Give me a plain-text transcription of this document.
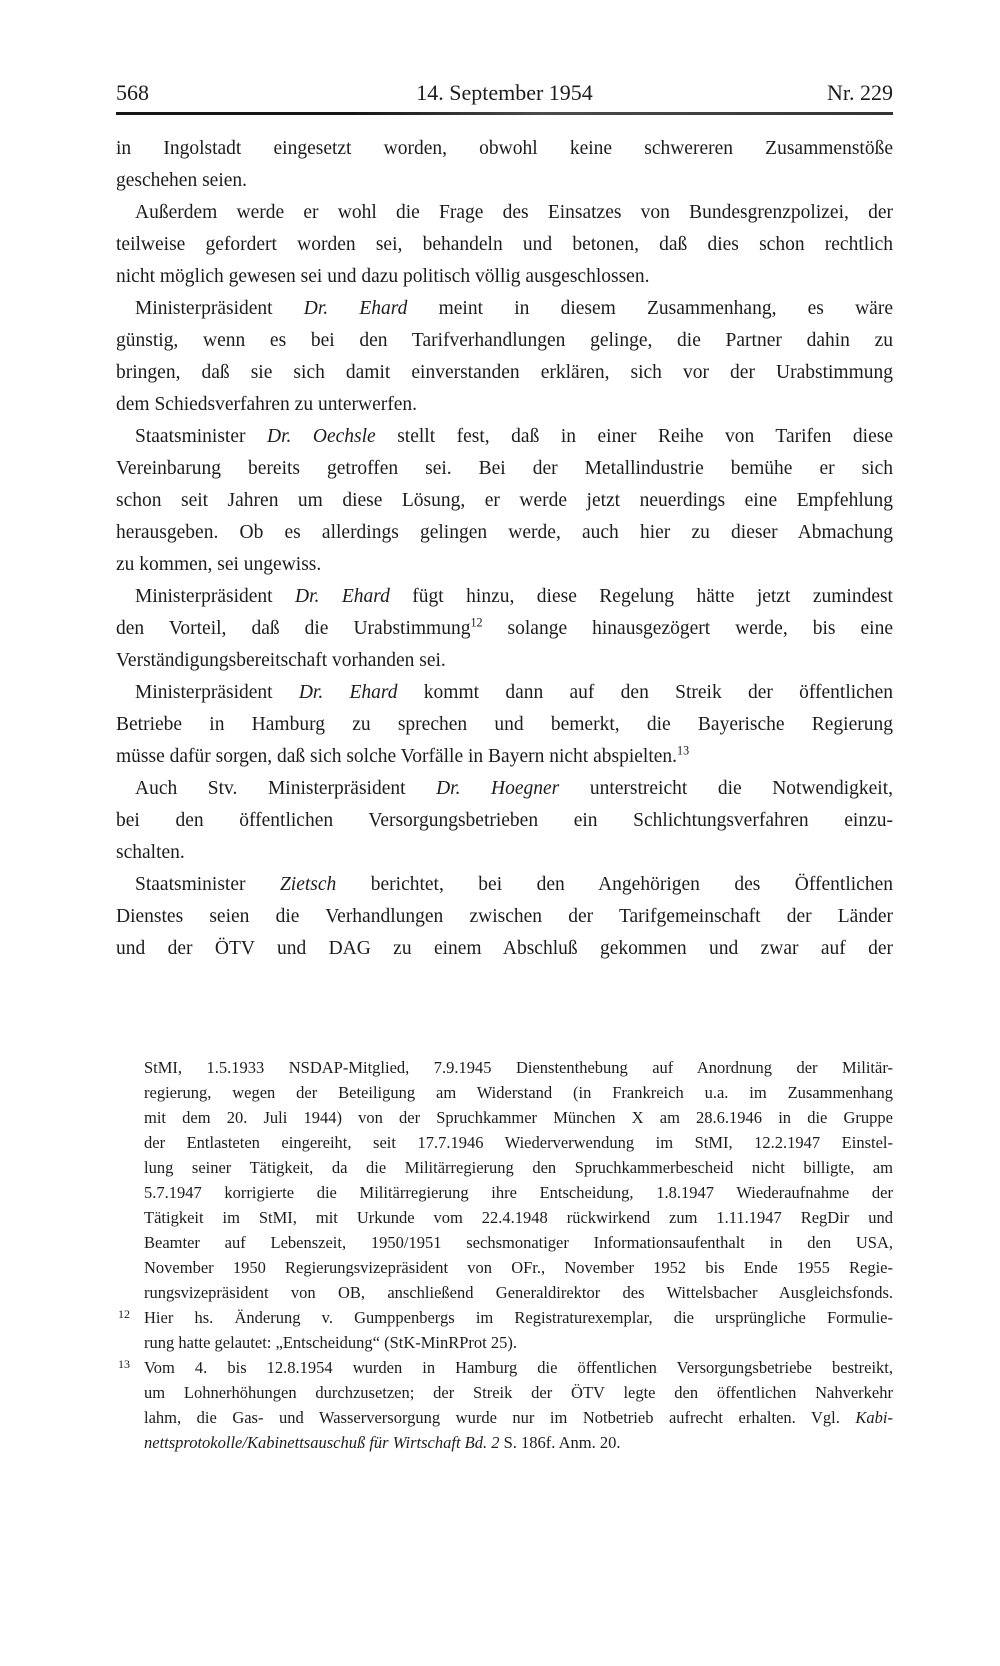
568	14. September 1954	Nr. 229
in Ingolstadt eingesetzt worden, obwohl keine schwereren Zusammenstöße
geschehen seien.
Außerdem werde er wohl die Frage des Einsatzes von Bundesgrenzpolizei, der
teilweise gefordert worden sei, behandeln und betonen, daß dies schon rechtlich
nicht möglich gewesen sei und dazu politisch völlig ausgeschlossen.
Ministerpräsident Dr. Ehard meint in diesem Zusammenhang, es wäre
günstig, wenn es bei den Tarifverhandlungen gelinge, die Partner dahin zu
bringen, daß sie sich damit einverstanden erklären, sich vor der Urabstimmung
dem Schiedsverfahren zu unterwerfen.
Staatsminister Dr. Oechsle stellt fest, daß in einer Reihe von Tarifen diese
Vereinbarung bereits getroffen sei. Bei der Metallindustrie bemühe er sich
schon seit Jahren um diese Lösung, er werde jetzt neuerdings eine Empfehlung
herausgeben. Ob es allerdings gelingen werde, auch hier zu dieser Abmachung
zu kommen, sei ungewiss.
Ministerpräsident Dr. Ehard fügt hinzu, diese Regelung hätte jetzt zumindest
den Vorteil, daß die Urabstimmung$^{12}$ solange hinausgezögert werde, bis eine
Verständigungsbereitschaft vorhanden sei.
Ministerpräsident Dr. Ehard kommt dann auf den Streik der öffentlichen
Betriebe in Hamburg zu sprechen und bemerkt, die Bayerische Regierung
müsse dafür sorgen, daß sich solche Vorfälle in Bayern nicht abspielten.$^{13}$
Auch Stv. Ministerpräsident Dr. Hoegner unterstreicht die Notwendigkeit,
bei den öffentlichen Versorgungsbetrieben ein Schlichtungsverfahren einzu-
schalten.
Staatsminister Zietsch berichtet, bei den Angehörigen des Öffentlichen
Dienstes seien die Verhandlungen zwischen der Tarifgemeinschaft der Länder
und der ÖTV und DAG zu einem Abschluß gekommen und zwar auf der
StMI, 1.5.1933 NSDAP-Mitglied, 7.9.1945 Dienstenthebung auf Anordnung der Militär-
regierung, wegen der Beteiligung am Widerstand (in Frankreich u.a. im Zusammenhang
mit dem 20. Juli 1944) von der Spruchkammer München X am 28.6.1946 in die Gruppe
der Entlasteten eingereiht, seit 17.7.1946 Wiederverwendung im StMI, 12.2.1947 Einstel-
lung seiner Tätigkeit, da die Militärregierung den Spruchkammerbescheid nicht billigte, am
5.7.1947 korrigierte die Militärregierung ihre Entscheidung, 1.8.1947 Wiederaufnahme der
Tätigkeit im StMI, mit Urkunde vom 22.4.1948 rückwirkend zum 1.11.1947 RegDir und
Beamter auf Lebenszeit, 1950/1951 sechsmonatiger Informationsaufenthalt in den USA,
November 1950 Regierungsvizepräsident von OFr., November 1952 bis Ende 1955 Regie-
rungsvizepräsident von OB, anschließend Generaldirektor des Wittelsbacher Ausgleichsfonds.
12 Hier hs. Änderung v. Gumppenbergs im Registraturexemplar, die ursprüngliche Formulie-
rung hatte gelautet: „Entscheidung“ (StK-MinRProt 25).
13 Vom 4. bis 12.8.1954 wurden in Hamburg die öffentlichen Versorgungsbetriebe bestreikt,
um Lohnerhöhungen durchzusetzen; der Streik der ÖTV legte den öffentlichen Nahverkehr
lahm, die Gas- und Wasserversorgung wurde nur im Notbetrieb aufrecht erhalten. Vgl. Kabi-
nettsprotokolle/Kabinettsauschuß für Wirtschaft Bd. 2 S. 186f. Anm. 20.
